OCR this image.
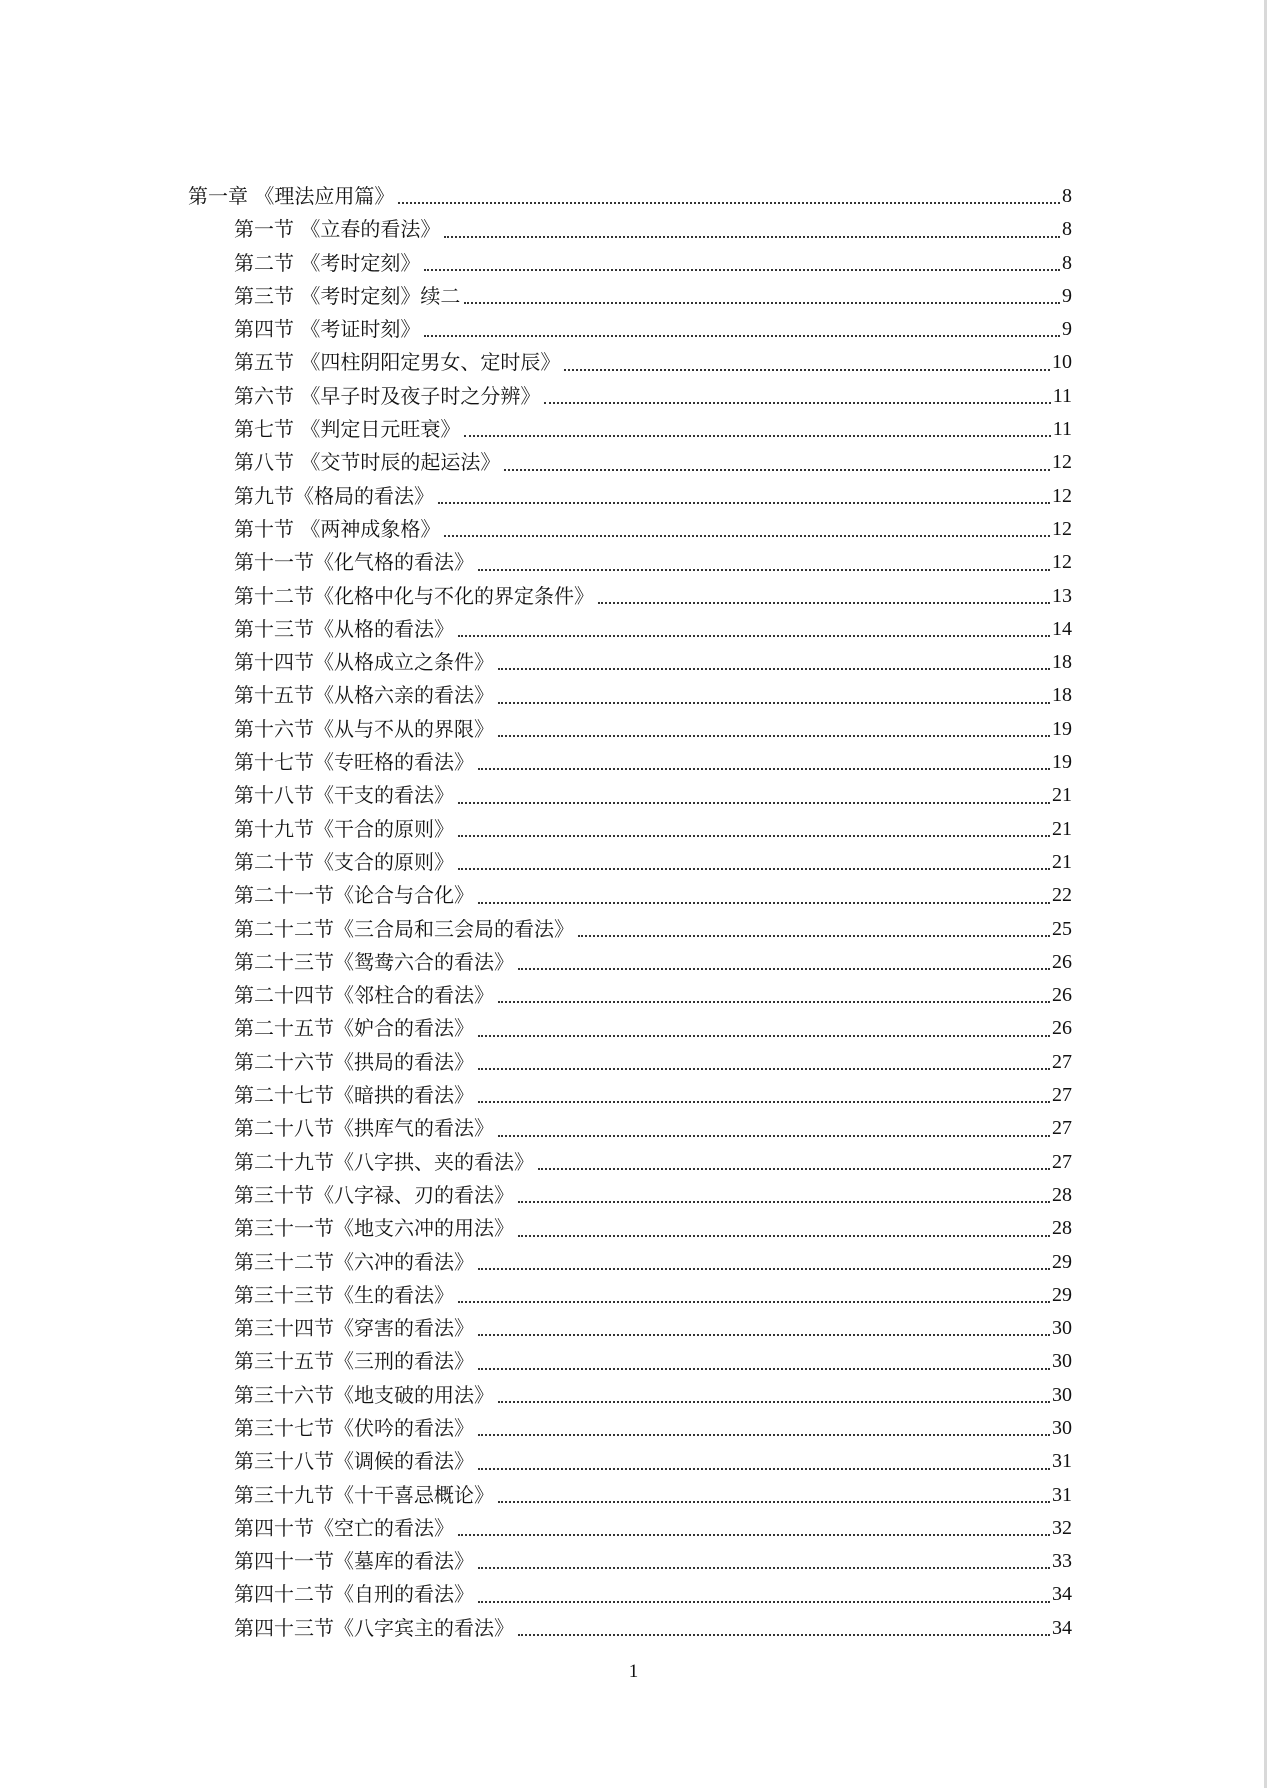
第一章 《理法应用篇》	8
第一节 《立春的看法》	8
第二节 《考时定刻》	8
第三节 《考时定刻》续二	9
第四节 《考证时刻》	9
第五节 《四柱阴阳定男女、定时辰》	10
第六节 《早子时及夜子时之分辨》	11
第七节 《判定日元旺衰》	11
第八节 《交节时辰的起运法》	12
第九节《格局的看法》	12
第十节 《两神成象格》	12
第十一节《化气格的看法》	12
第十二节《化格中化与不化的界定条件》	13
第十三节《从格的看法》	14
第十四节《从格成立之条件》	18
第十五节《从格六亲的看法》	18
第十六节《从与不从的界限》	19
第十七节《专旺格的看法》	19
第十八节《干支的看法》	21
第十九节《干合的原则》	21
第二十节《支合的原则》	21
第二十一节《论合与合化》	22
第二十二节《三合局和三会局的看法》	25
第二十三节《鸳鸯六合的看法》	26
第二十四节《邻柱合的看法》	26
第二十五节《妒合的看法》	26
第二十六节《拱局的看法》	27
第二十七节《暗拱的看法》	27
第二十八节《拱库气的看法》	27
第二十九节《八字拱、夹的看法》	27
第三十节《八字禄、刃的看法》	28
第三十一节《地支六冲的用法》	28
第三十二节《六冲的看法》	29
第三十三节《生的看法》	29
第三十四节《穿害的看法》	30
第三十五节《三刑的看法》	30
第三十六节《地支破的用法》	30
第三十七节《伏吟的看法》	30
第三十八节《调候的看法》	31
第三十九节《十干喜忌概论》	31
第四十节《空亡的看法》	32
第四十一节《墓库的看法》	33
第四十二节《自刑的看法》	34
第四十三节《八字宾主的看法》	34
1
